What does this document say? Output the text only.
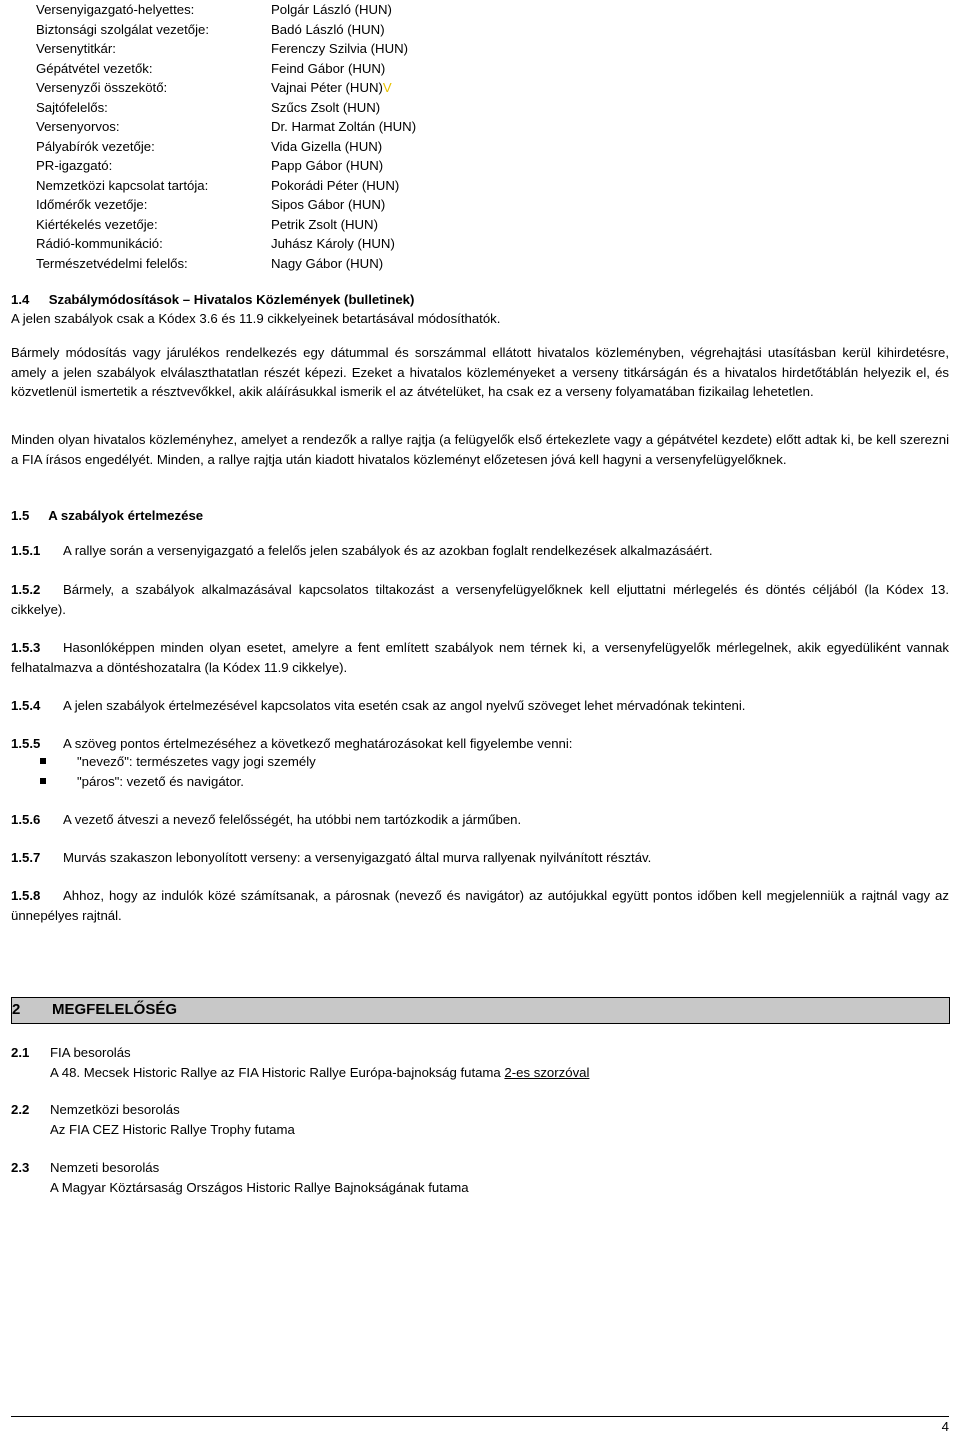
Versenyigazgató-helyettes:	Polgár László (HUN)
Biztonsági szolgálat vezetője:	Badó László (HUN)
Versenytitkár:	Ferenczy Szilvia (HUN)
Gépátvétel vezetők:	Feind Gábor (HUN)
Versenyzői összekötő:	Vajnai Péter (HUN)V
Sajtófelelős:	Szűcs Zsolt (HUN)
Versenyorvos:	Dr. Harmat Zoltán (HUN)
Pályabírók vezetője:	Vida Gizella (HUN)
PR-igazgató:	Papp Gábor (HUN)
Nemzetközi kapcsolat tartója:	Pokorádi Péter (HUN)
Időmérők vezetője:	Sipos Gábor (HUN)
Kiértékelés vezetője:	Petrik Zsolt (HUN)
Rádió-kommunikáció:	Juhász Károly (HUN)
Természetvédelmi felelős:	Nagy Gábor (HUN)
1.4 Szabálymódosítások – Hivatalos Közlemények (bulletinek)
A jelen szabályok csak a Kódex 3.6 és 11.9 cikkelyeinek betartásával módosíthatók.
Bármely módosítás vagy járulékos rendelkezés egy dátummal és sorszámmal ellátott hivatalos közleményben, végrehajtási utasításban kerül kihirdetésre, amely a jelen szabályok elválaszthatatlan részét képezi. Ezeket a hivatalos közleményeket a verseny titkárságán és a hivatalos hirdetőtáblán helyezik el, és közvetlenül ismertetik a résztvevőkkel, akik aláírásukkal ismerik el az átvételüket, ha csak ez a verseny folyamatában fizikailag lehetetlen.
Minden olyan hivatalos közleményhez, amelyet a rendezők a rallye rajtja (a felügyelők első értekezlete vagy a gépátvétel kezdete) előtt adtak ki, be kell szerezni a FIA írásos engedélyét. Minden, a rallye rajtja után kiadott hivatalos közleményt előzetesen jóvá kell hagyni a versenyfelügyelőknek.
1.5 A szabályok értelmezése
1.5.1 A rallye során a versenyigazgató a felelős jelen szabályok és az azokban foglalt rendelkezések alkalmazásáért.
1.5.2 Bármely, a szabályok alkalmazásával kapcsolatos tiltakozást a versenyfelügyelőknek kell eljuttatni mérlegelés és döntés céljából (la Kódex 13. cikkelye).
1.5.3 Hasonlóképpen minden olyan esetet, amelyre a fent említett szabályok nem térnek ki, a versenyfelügyelők mérlegelnek, akik egyedüliként vannak felhatalmazva a döntéshozatalra (la Kódex 11.9 cikkelye).
1.5.4 A jelen szabályok értelmezésével kapcsolatos vita esetén csak az angol nyelvű szöveget lehet mérvadónak tekinteni.
1.5.5 A szöveg pontos értelmezéséhez a következő meghatározásokat kell figyelembe venni:
1.5.6 A vezető átveszi a nevező felelősségét, ha utóbbi nem tartózkodik a járműben.
1.5.7 Murvás szakaszon lebonyolított verseny: a versenyigazgató által murva rallyenak nyilvánított résztáv.
1.5.8 Ahhoz, hogy az indulók közé számítsanak, a párosnak (nevező és navigátor) az autójukkal együtt pontos időben kell megjelenniük a rajtnál vagy az ünnepélyes rajtnál.
"nevező": természetes vagy jogi személy
"páros": vezető és navigátor.
2 MEGFELELŐSÉG
2.1 FIA besorolás
A 48. Mecsek Historic Rallye az FIA Historic Rallye Európa-bajnokság futama 2-es szorzóval
2.2 Nemzetközi besorolás
Az FIA CEZ Historic Rallye Trophy futama
2.3 Nemzeti besorolás
A Magyar Köztársaság Országos Historic Rallye Bajnokságának futama
4
